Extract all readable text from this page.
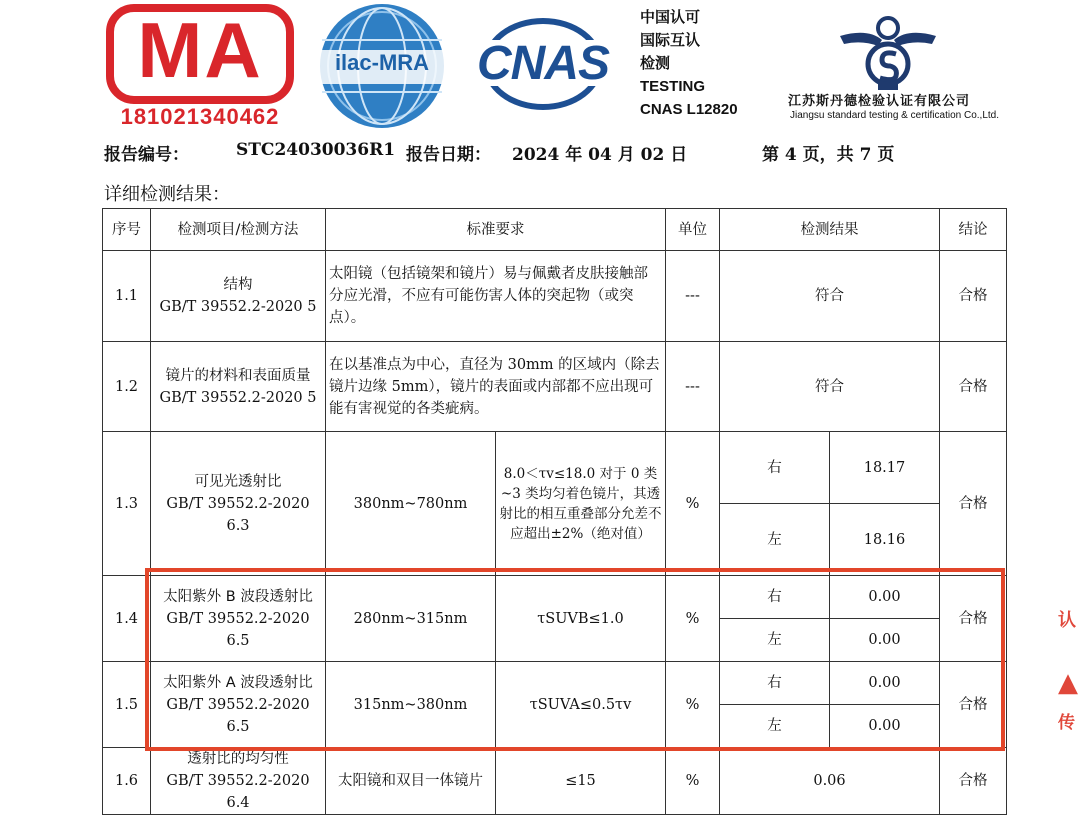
MA
181021340462
ilac-MRA CNAS
中国认可
国际互认
检测
TESTING
CNAS L12820	江苏斯丹德检验认证有限公司
Jiangsu standard testing & certification Co.,Ltd.
报告编号：	STC24030036R1 报告日期： 2024 年 04 月 02 日	第 4 页，共 7 页
详细检测结果：
序号	检测项目/检测方法	标准要求		单位	检测结果		结论
1.1	结构
GB/T 39552.2-2020 5	太阳镜（包括镜架和镜片）易与佩戴者皮肤接触部分应光滑，不应有可能伤害人体的突起物（或突点）。		---	符合		合格
1.2	镜片的材料和表面质量
GB/T 39552.2-2020 5	在以基准点为中心，直径为 30mm 的区域内（除去镜片边缘 5mm），镜片的表面或内部都不应出现可能有害视觉的各类疵病。		---	符合		合格
1.3	可见光透射比
GB/T 39552.2-2020 6.3	380nm~780nm	8.0＜τv≤18.0 对于 0 类~3 类均匀着色镜片，其透射比的相互重叠部分允差不应超出±2%（绝对值）	%	右	18.17	合格
					左	18.16	
1.4	太阳紫外 B 波段透射比
GB/T 39552.2-2020 6.5	280nm~315nm	τSUVB≤1.0	%	右	0.00	合格
					左	0.00	
1.5	太阳紫外 A 波段透射比
GB/T 39552.2-2020 6.5	315nm~380nm	τSUVA≤0.5τv	%	右	0.00	合格
					左	0.00	
1.6	透射比的均匀性
GB/T 39552.2-2020 6.4	太阳镜和双目一体镜片	≤15	%	0.06		合格
认
▲
传
